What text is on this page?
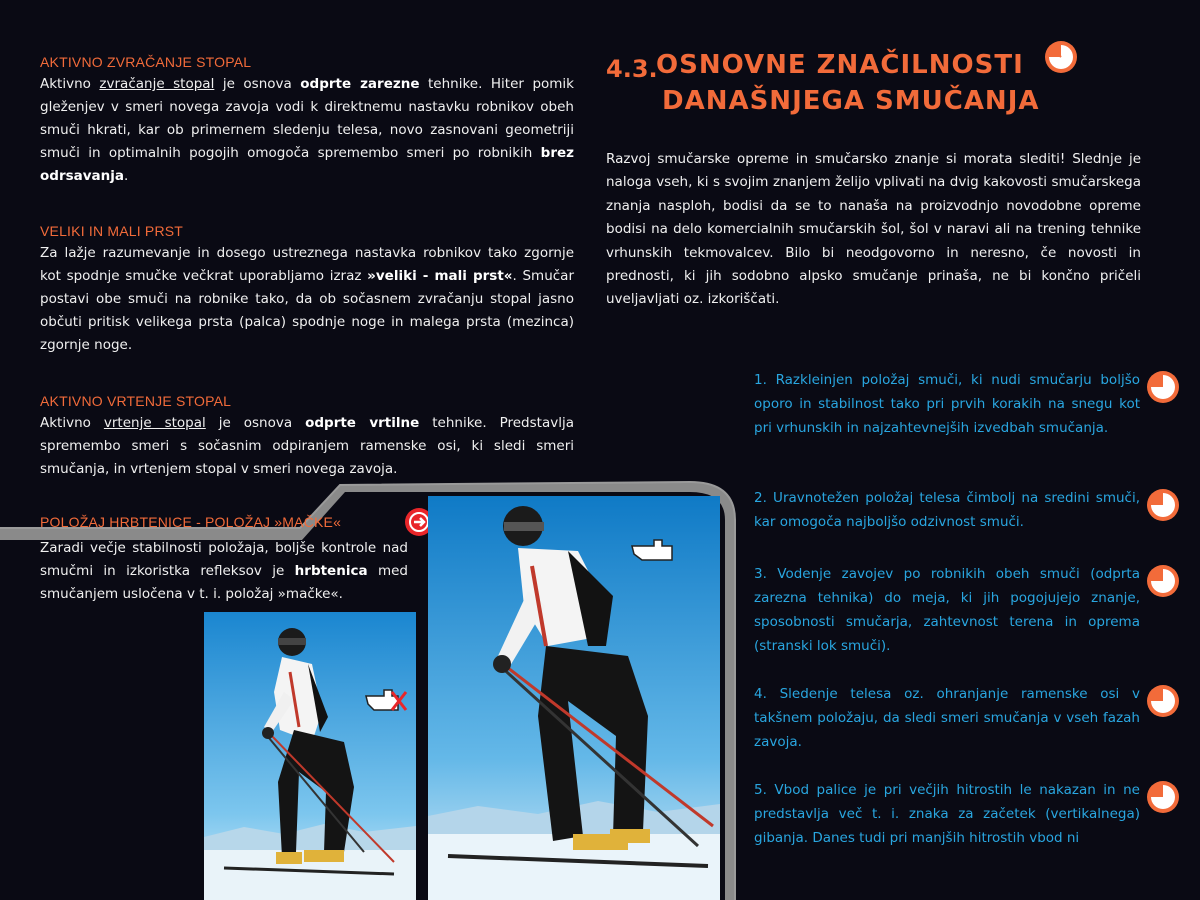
AKTIVNO ZVRAČANJE STOPAL
Aktivno zvračanje stopal je osnova odprte zarezne tehnike. Hiter pomik gleženjev v smeri novega zavoja vodi k direktnemu nastavku robnikov obeh smuči hkrati, kar ob primernem sledenju telesa, novo zasnovani geometriji smuči in optimalnih pogojih omogoča spremembo smeri po robnikih brez odrsavanja.
VELIKI IN MALI PRST
Za lažje razumevanje in dosego ustreznega nastavka robnikov tako zgornje kot spodnje smučke večkrat uporabljamo izraz »veliki - mali prst«. Smučar postavi obe smuči na robnike tako, da ob sočasnem zvračanju stopal jasno občuti pritisk velikega prsta (palca) spodnje noge in malega prsta (mezinca) zgornje noge.
AKTIVNO VRTENJE STOPAL
Aktivno vrtenje stopal je osnova odprte vrtilne tehnike. Predstavlja spremembo smeri s sočasnim odpiranjem ramenske osi, ki sledi smeri smučanja, in vrtenjem stopal v smeri novega zavoja.
POLOŽAJ HRBTENICE - POLOŽAJ »MAČKE«
Zaradi večje stabilnosti položaja, boljše kontrole nad smučmi in izkoristka refleksov je hrbtenica med smučanjem usločena v t. i. položaj »mačke«.
4.3.
OSNOVNE ZNAČILNOSTI
DANAŠNJEGA SMUČANJA
Razvoj smučarske opreme in smučarsko znanje si morata slediti! Slednje je naloga vseh, ki s svojim znanjem želijo vplivati na dvig kakovosti smučarskega znanja nasploh, bodisi da se to nanaša na proizvodnjo novodobne opreme bodisi na delo komercialnih smučarskih šol, šol v naravi ali na trening tehnike vrhunskih tekmovalcev. Bilo bi neodgovorno in neresno, če novosti in prednosti, ki jih sodobno alpsko smučanje prinaša, ne bi končno pričeli uveljavljati oz. izkoriščati.
1. Razkleinjen položaj smuči, ki nudi smučarju boljšo oporo in stabilnost tako pri prvih korakih na snegu kot pri vrhunskih in najzahtevnejših izvedbah smučanja.
2. Uravnotežen položaj telesa čimbolj na sredini smuči, kar omogoča najboljšo odzivnost smuči.
3. Vodenje zavojev po robnikih obeh smuči (odprta zarezna tehnika) do meja, ki jih pogojujejo znanje, sposobnosti smučarja, zahtevnost terena in oprema (stranski lok smuči).
4. Sledenje telesa oz. ohranjanje ramenske osi v takšnem položaju, da sledi smeri smučanja v vseh fazah zavoja.
5. Vbod palice je pri večjih hitrostih le nakazan in ne predstavlja več t. i. znaka za začetek (vertikalnega) gibanja. Danes tudi pri manjših hitrostih vbod ni
